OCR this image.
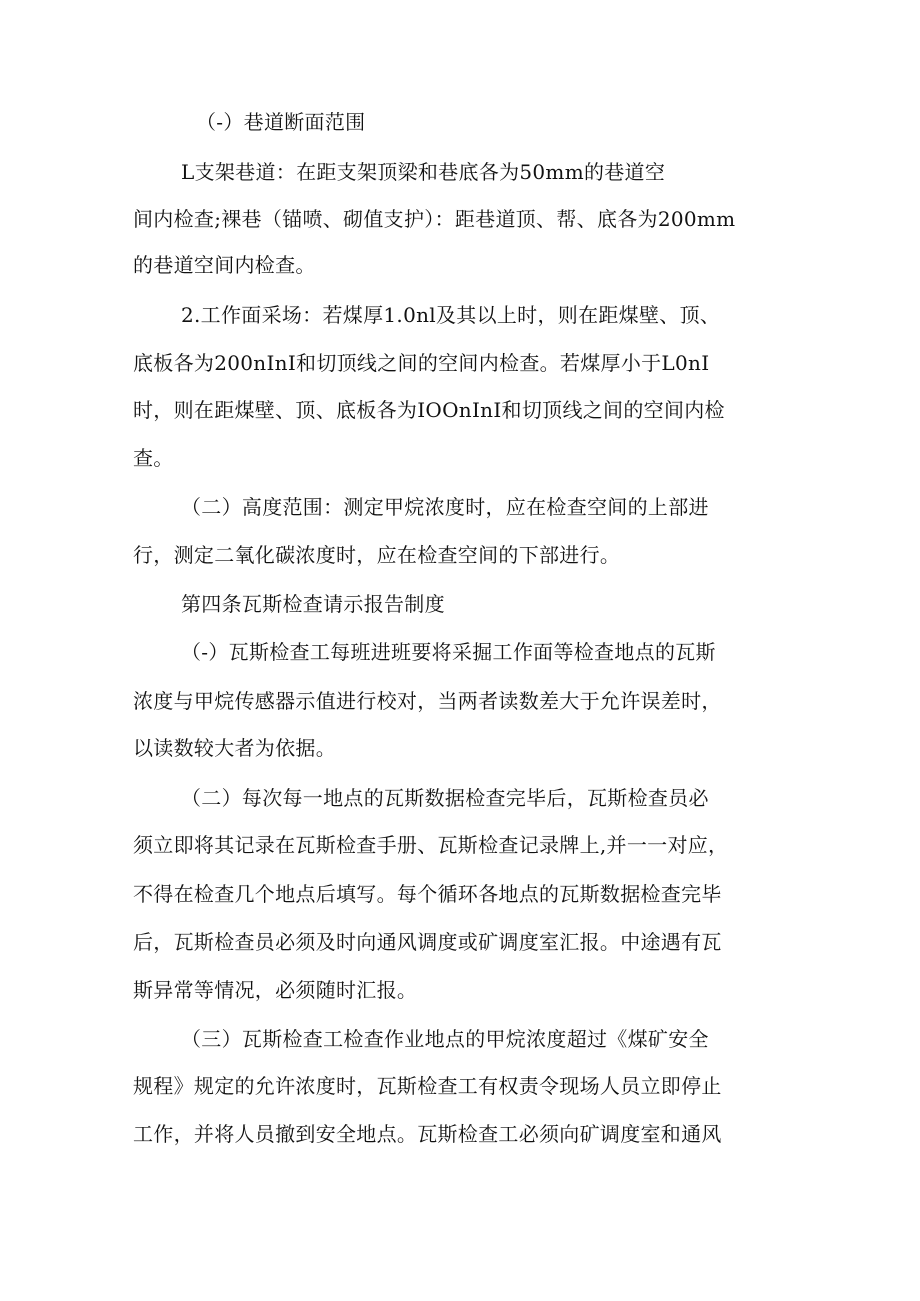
（-）巷道断面范围
L支架巷道：在距支架顶梁和巷底各为50mm的巷道空
间内检查;裸巷（锚喷、砌值支护）：距巷道顶、帮、底各为200mm
的巷道空间内检查。
2.工作面采场：若煤厚1.0nl及其以上时，则在距煤壁、顶、
底板各为200nInI和切顶线之间的空间内检查。若煤厚小于L0nI
时，则在距煤壁、顶、底板各为IOOnInI和切顶线之间的空间内检
查。
（二）高度范围：测定甲烷浓度时，应在检查空间的上部进
行，测定二氧化碳浓度时，应在检查空间的下部进行。
第四条瓦斯检查请示报告制度
（-）瓦斯检查工每班进班要将采掘工作面等检查地点的瓦斯
浓度与甲烷传感器示值进行校对，当两者读数差大于允许误差时，
以读数较大者为依据。
（二）每次每一地点的瓦斯数据检查完毕后，瓦斯检查员必
须立即将其记录在瓦斯检查手册、瓦斯检查记录牌上,并一一对应，
不得在检查几个地点后填写。每个循环各地点的瓦斯数据检查完毕
后，瓦斯检查员必须及时向通风调度或矿调度室汇报。中途遇有瓦
斯异常等情况，必须随时汇报。
（三）瓦斯检查工检查作业地点的甲烷浓度超过《煤矿安全
规程》规定的允许浓度时，瓦斯检查工有权责令现场人员立即停止
工作，并将人员撤到安全地点。瓦斯检查工必须向矿调度室和通风
